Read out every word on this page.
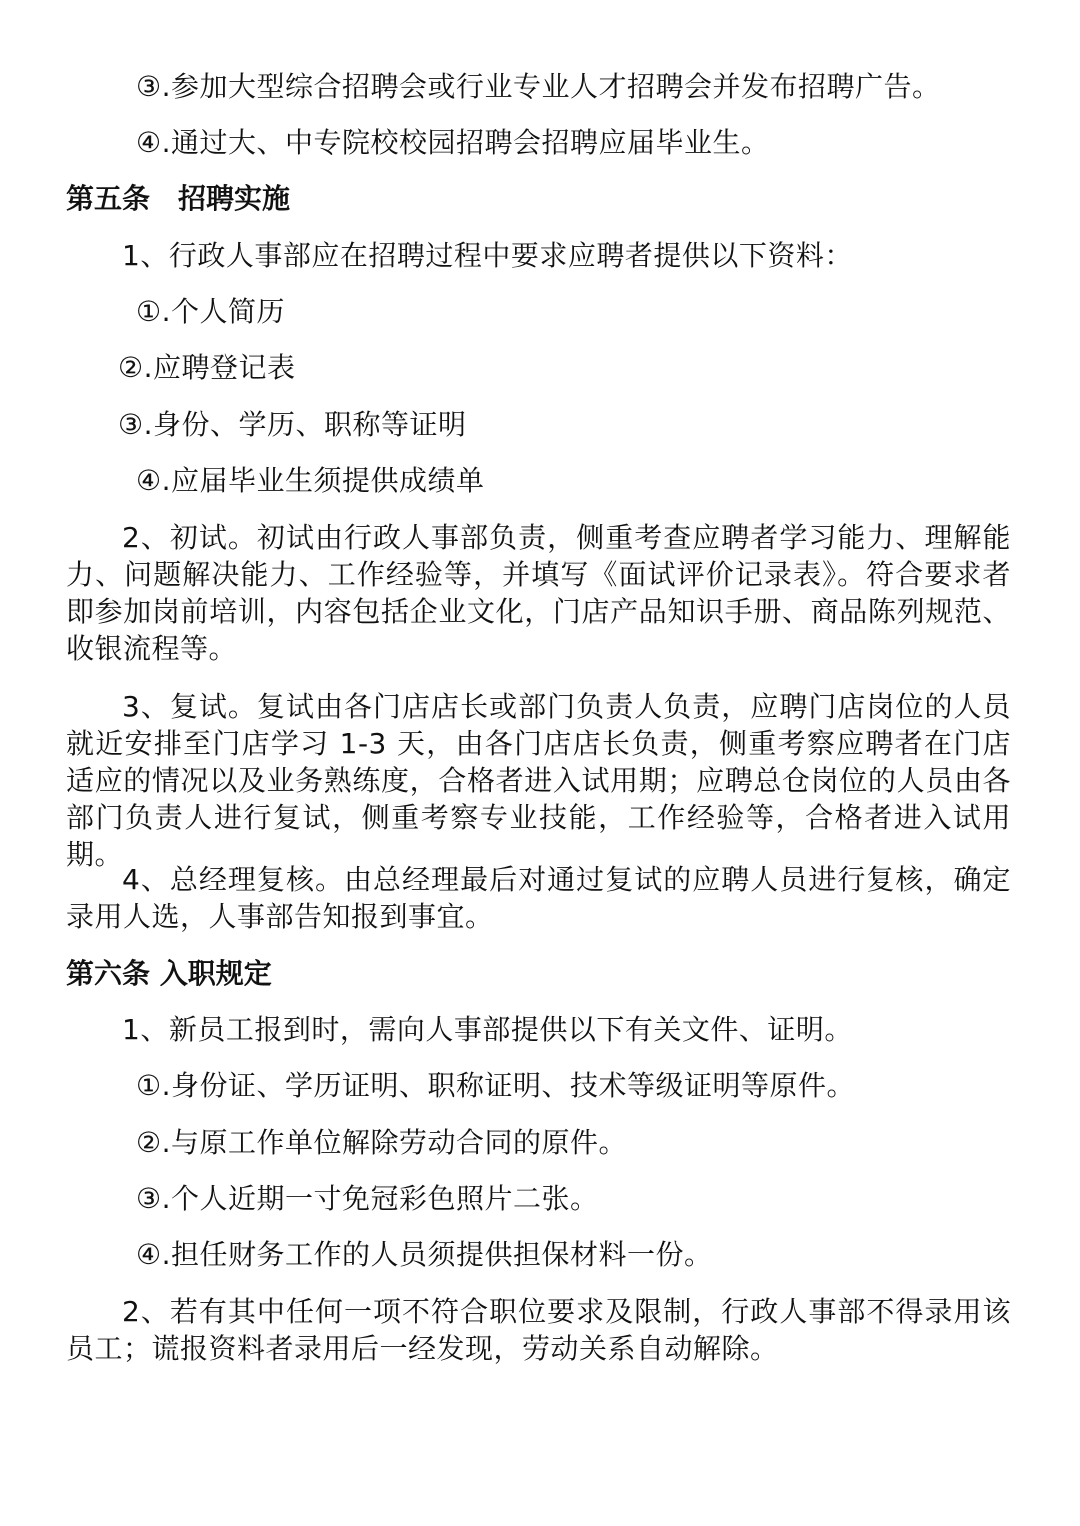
③.参加大型综合招聘会或行业专业人才招聘会并发布招聘广告。
④.通过大、中专院校校园招聘会招聘应届毕业生。
第五条　招聘实施
1、行政人事部应在招聘过程中要求应聘者提供以下资料：
①.个人简历
②.应聘登记表
③.身份、学历、职称等证明
④.应届毕业生须提供成绩单
2、初试。初试由行政人事部负责，侧重考查应聘者学习能力、理解能力、问题解决能力、工作经验等，并填写《面试评价记录表》。符合要求者即参加岗前培训，内容包括企业文化，门店产品知识手册、商品陈列规范、收银流程等。
3、复试。复试由各门店店长或部门负责人负责，应聘门店岗位的人员就近安排至门店学习 1-3 天，由各门店店长负责，侧重考察应聘者在门店适应的情况以及业务熟练度，合格者进入试用期；应聘总仓岗位的人员由各部门负责人进行复试，侧重考察专业技能，工作经验等，合格者进入试用期。
4、总经理复核。由总经理最后对通过复试的应聘人员进行复核，确定录用人选，人事部告知报到事宜。
第六条 入职规定
1、新员工报到时，需向人事部提供以下有关文件、证明。
①.身份证、学历证明、职称证明、技术等级证明等原件。
②.与原工作单位解除劳动合同的原件。
③.个人近期一寸免冠彩色照片二张。
④.担任财务工作的人员须提供担保材料一份。
2、若有其中任何一项不符合职位要求及限制，行政人事部不得录用该员工；谎报资料者录用后一经发现，劳动关系自动解除。
